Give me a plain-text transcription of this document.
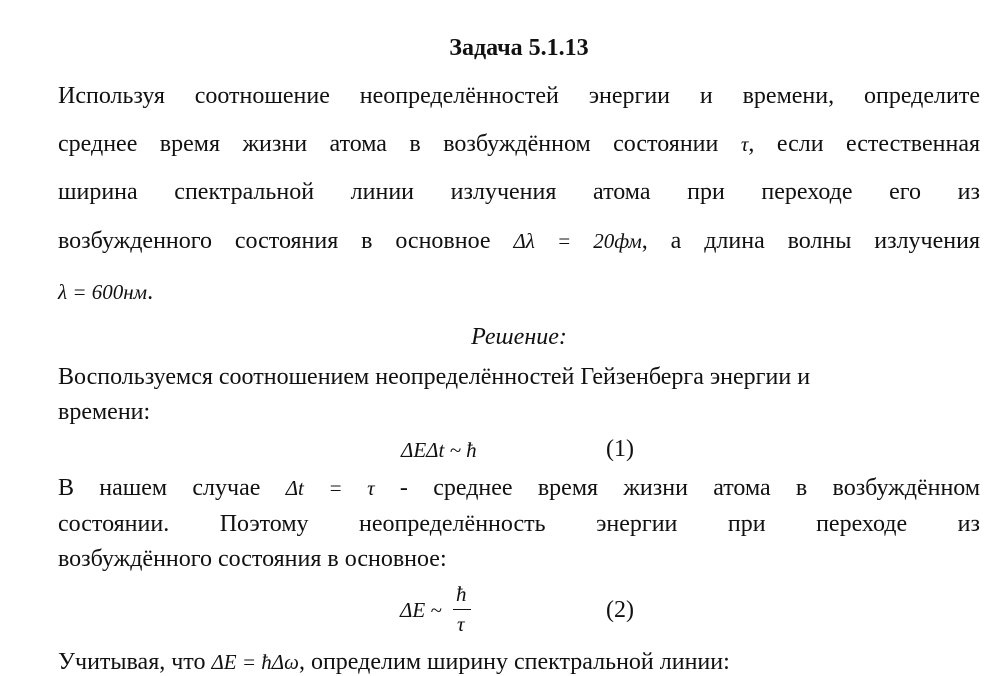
Задача 5.1.13
Используя соотношение неопределённостей энергии и времени, определите
среднее время жизни атома в возбуждённом состоянии τ, если естественная
ширина спектральной линии излучения атома при переходе его из
возбужденного состояния в основное Δλ = 20фм, а длина волны излучения
λ = 600нм.
Решение:
Воспользуемся соотношением неопределённостей Гейзенберга энергии и
времени:
ΔEΔt ~ ħ	(1)
В нашем случае Δt = τ - среднее время жизни атома в возбуждённом
состоянии. Поэтому неопределённость энергии при переходе из
возбуждённого состояния в основное:
ΔE ~
ħ
τ
(2)
Учитывая, что ΔE = ħΔω, определим ширину спектральной линии:
